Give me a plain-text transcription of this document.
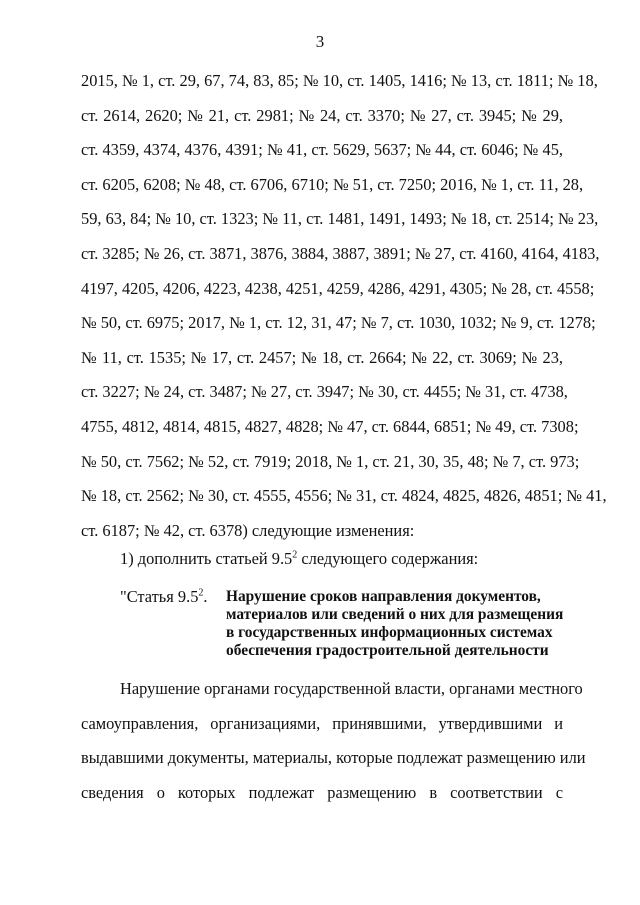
3
2015, № 1, ст. 29, 67, 74, 83, 85; № 10, ст. 1405, 1416; № 13, ст. 1811; № 18,
ст. 2614, 2620; № 21, ст. 2981; № 24, ст. 3370; № 27, ст. 3945; № 29,
ст. 4359, 4374, 4376, 4391; № 41, ст. 5629, 5637; № 44, ст. 6046; № 45,
ст. 6205, 6208; № 48, ст. 6706, 6710; № 51, ст. 7250; 2016, № 1, ст. 11, 28,
59, 63, 84; № 10, ст. 1323; № 11, ст. 1481, 1491, 1493; № 18, ст. 2514; № 23,
ст. 3285; № 26, ст. 3871, 3876, 3884, 3887, 3891; № 27, ст. 4160, 4164, 4183,
4197, 4205, 4206, 4223, 4238, 4251, 4259, 4286, 4291, 4305; № 28, ст. 4558;
№ 50, ст. 6975; 2017, № 1, ст. 12, 31, 47; № 7, ст. 1030, 1032; № 9, ст. 1278;
№ 11, ст. 1535; № 17, ст. 2457; № 18, ст. 2664; № 22, ст. 3069; № 23,
ст. 3227; № 24, ст. 3487; № 27, ст. 3947; № 30, ст. 4455; № 31, ст. 4738,
4755, 4812, 4814, 4815, 4827, 4828; № 47, ст. 6844, 6851; № 49, ст. 7308;
№ 50, ст. 7562; № 52, ст. 7919; 2018, № 1, ст. 21, 30, 35, 48; № 7, ст. 973;
№ 18, ст. 2562; № 30, ст. 4555, 4556; № 31, ст. 4824, 4825, 4826, 4851; № 41,
ст. 6187; № 42, ст. 6378) следующие изменения:
1) дополнить статьей $9.5^2$ следующего содержания:
"Статья $9.5^2$. Нарушение сроков направления документов,
материалов или сведений о них для размещения
в государственных информационных системах
обеспечения градостроительной деятельности
Нарушение органами государственной власти, органами местного
самоуправления, организациями, принявшими, утвердившими и
выдавшими документы, материалы, которые подлежат размещению или
сведения о которых подлежат размещению в соответствии с
